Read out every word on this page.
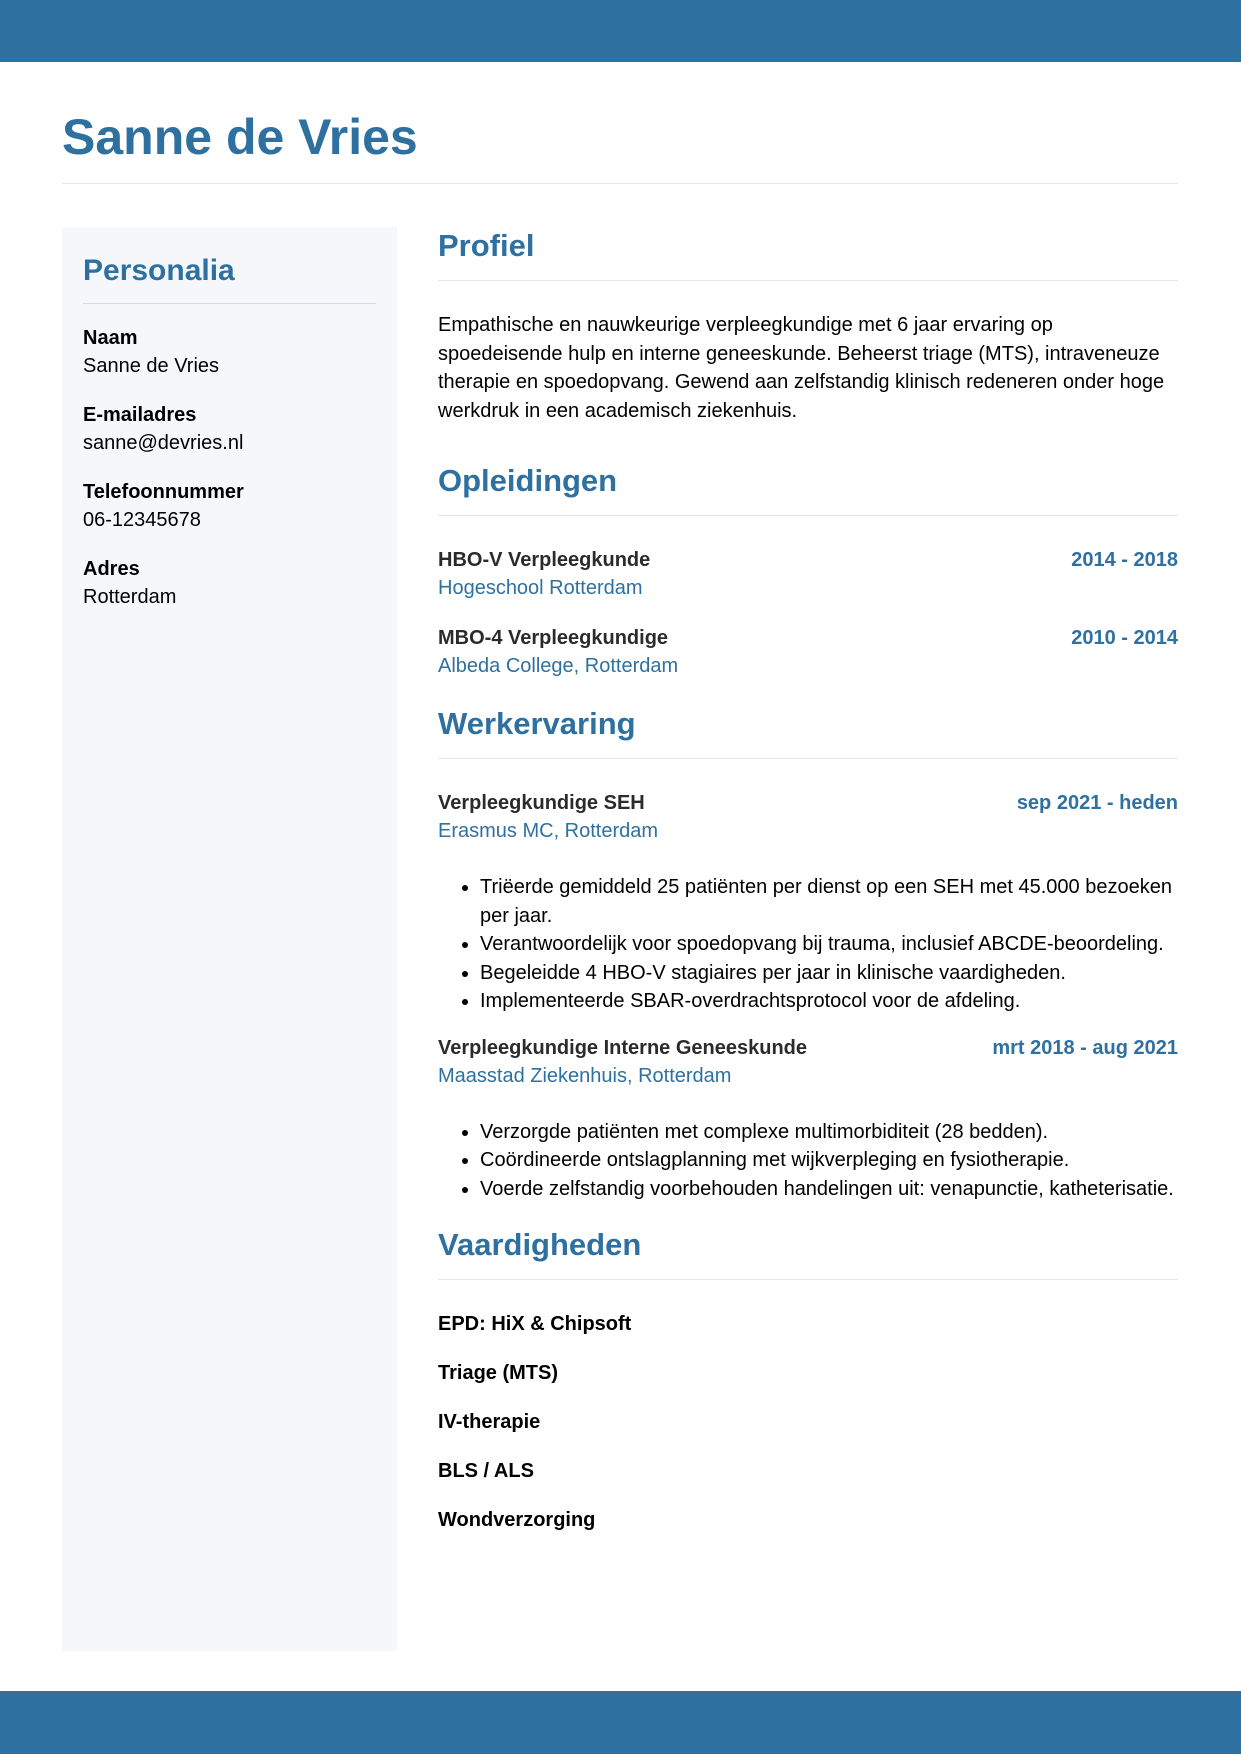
Sanne de Vries
Personalia
Naam
Sanne de Vries
E-mailadres
sanne@devries.nl
Telefoonnummer
06-12345678
Adres
Rotterdam
Profiel

Empathische en nauwkeurige verpleegkundige met 6 jaar ervaring op spoedeisende hulp en interne geneeskunde. Beheerst triage (MTS), intraveneuze therapie en spoedopvang. Gewend aan zelfstandig klinisch redeneren onder hoge werkdruk in een academisch ziekenhuis.

Opleidingen
HBO-V Verpleegkunde	2014 - 2018
Hogeschool Rotterdam
MBO-4 Verpleegkundige	2010 - 2014
Albeda College, Rotterdam
Werkervaring
Verpleegkundige SEH	sep 2021 - heden
Erasmus MC, Rotterdam
• Triëerde gemiddeld 25 patiënten per dienst op een SEH met 45.000 bezoeken per jaar.
• Verantwoordelijk voor spoedopvang bij trauma, inclusief ABCDE-beoordeling.
• Begeleidde 4 HBO-V stagiaires per jaar in klinische vaardigheden.
• Implementeerde SBAR-overdrachtsprotocol voor de afdeling.
Verpleegkundige Interne Geneeskunde	mrt 2018 - aug 2021
Maasstad Ziekenhuis, Rotterdam
• Verzorgde patiënten met complexe multimorbiditeit (28 bedden).
• Coördineerde ontslagplanning met wijkverpleging en fysiotherapie.
• Voerde zelfstandig voorbehouden handelingen uit: venapunctie, katheterisatie.
Vaardigheden
EPD: HiX & Chipsoft
Triage (MTS)
IV-therapie
BLS / ALS
Wondverzorging
